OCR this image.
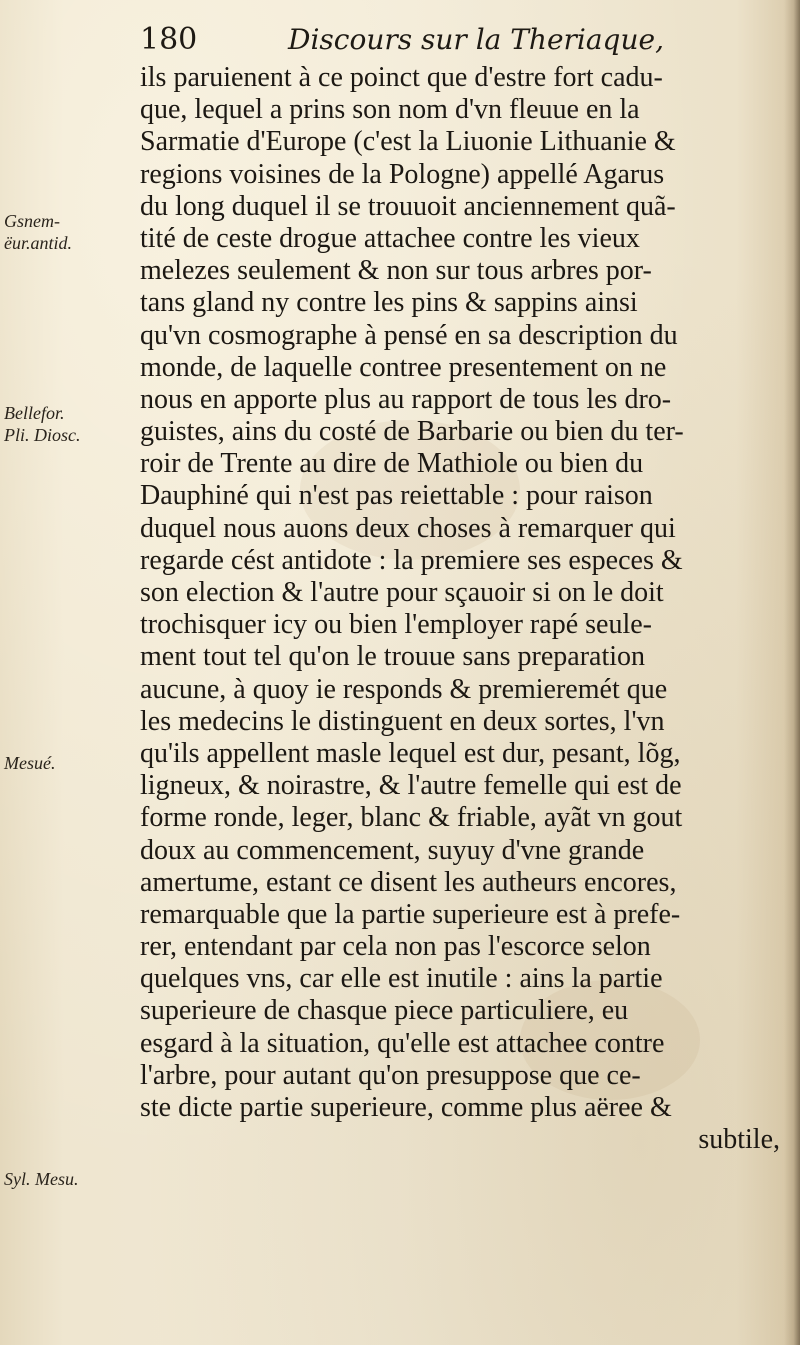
180	Discours sur la Theriaque,
Gsnem-
ëur.antid.
Bellefor.
Pli. Diosc.
Mesué.
Syl. Mesu.
ils paruienent à ce poinct que d'estre fort cadu-
que, lequel a prins son nom d'vn fleuue en la
Sarmatie d'Europe (c'est la Liuonie Lithuanie &
regions voisines de la Pologne) appellé Agarus
du long duquel il se trouuoit anciennement quã-
tité de ceste drogue attachee contre les vieux
melezes seulement & non sur tous arbres por-
tans gland ny contre les pins & sappins ainsi
qu'vn cosmographe à pensé en sa description du
monde, de laquelle contree presentement on ne
nous en apporte plus au rapport de tous les dro-
guistes, ains du costé de Barbarie ou bien du ter-
roir de Trente au dire de Mathiole ou bien du
Dauphiné qui n'est pas reiettable : pour raison
duquel nous auons deux choses à remarquer qui
regarde cést antidote : la premiere ses especes &
son election & l'autre pour sçauoir si on le doit
trochisquer icy ou bien l'employer rapé seule-
ment tout tel qu'on le trouue sans preparation
aucune, à quoy ie responds & premieremét que
les medecins le distinguent en deux sortes, l'vn
qu'ils appellent masle lequel est dur, pesant, lõg,
ligneux, & noirastre, & l'autre femelle qui est de
forme ronde, leger, blanc & friable, ayãt vn gout
doux au commencement, suyuy d'vne grande
amertume, estant ce disent les autheurs encores,
remarquable que la partie superieure est à prefe-
rer, entendant par cela non pas l'escorce selon
quelques vns, car elle est inutile : ains la partie
superieure de chasque piece particuliere, eu
esgard à la situation, qu'elle est attachee contre
l'arbre, pour autant qu'on presuppose que ce-
ste dicte partie superieure, comme plus aëree &
subtile,
